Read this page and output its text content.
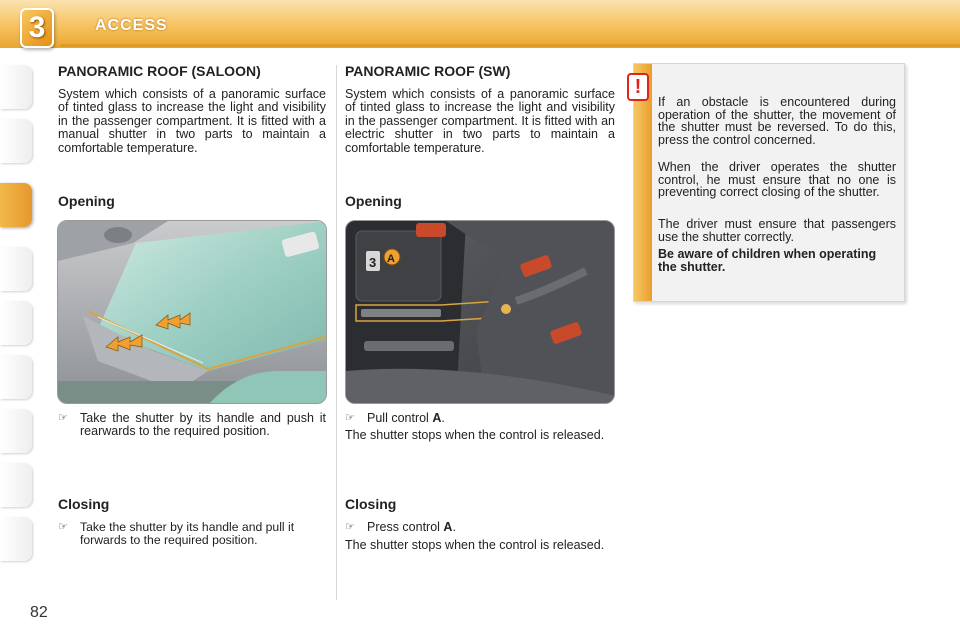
3	ACCESS
PANORAMIC ROOF (SALOON)

System which consists of a panoramic surface of tinted glass to increase the light and visibility in the passenger compartment. It is fitted with a manual shutter in two parts to maintain a comfortable temperature.

Opening
☞ Take the shutter by its handle and push it rearwards to the required position.
Closing
☞ Take the shutter by its handle and pull it forwards to the required position.
PANORAMIC ROOF (SW)

System which consists of a panoramic surface of tinted glass to increase the light and visibility in the passenger compartment. It is fitted with an electric shutter in two parts to maintain a comfortable temperature.

Opening
3 A
☞ Pull control A.

The shutter stops when the control is released.

Closing
☞ Press control A.

The shutter stops when the control is released.

!

If an obstacle is encountered during operation of the shutter, the movement of the shutter must be reversed. To do this, press the control concerned.

When the driver operates the shutter control, he must ensure that no one is preventing correct closing of the shutter.

The driver must ensure that passengers use the shutter correctly.

Be aware of children when operating the shutter.

82
